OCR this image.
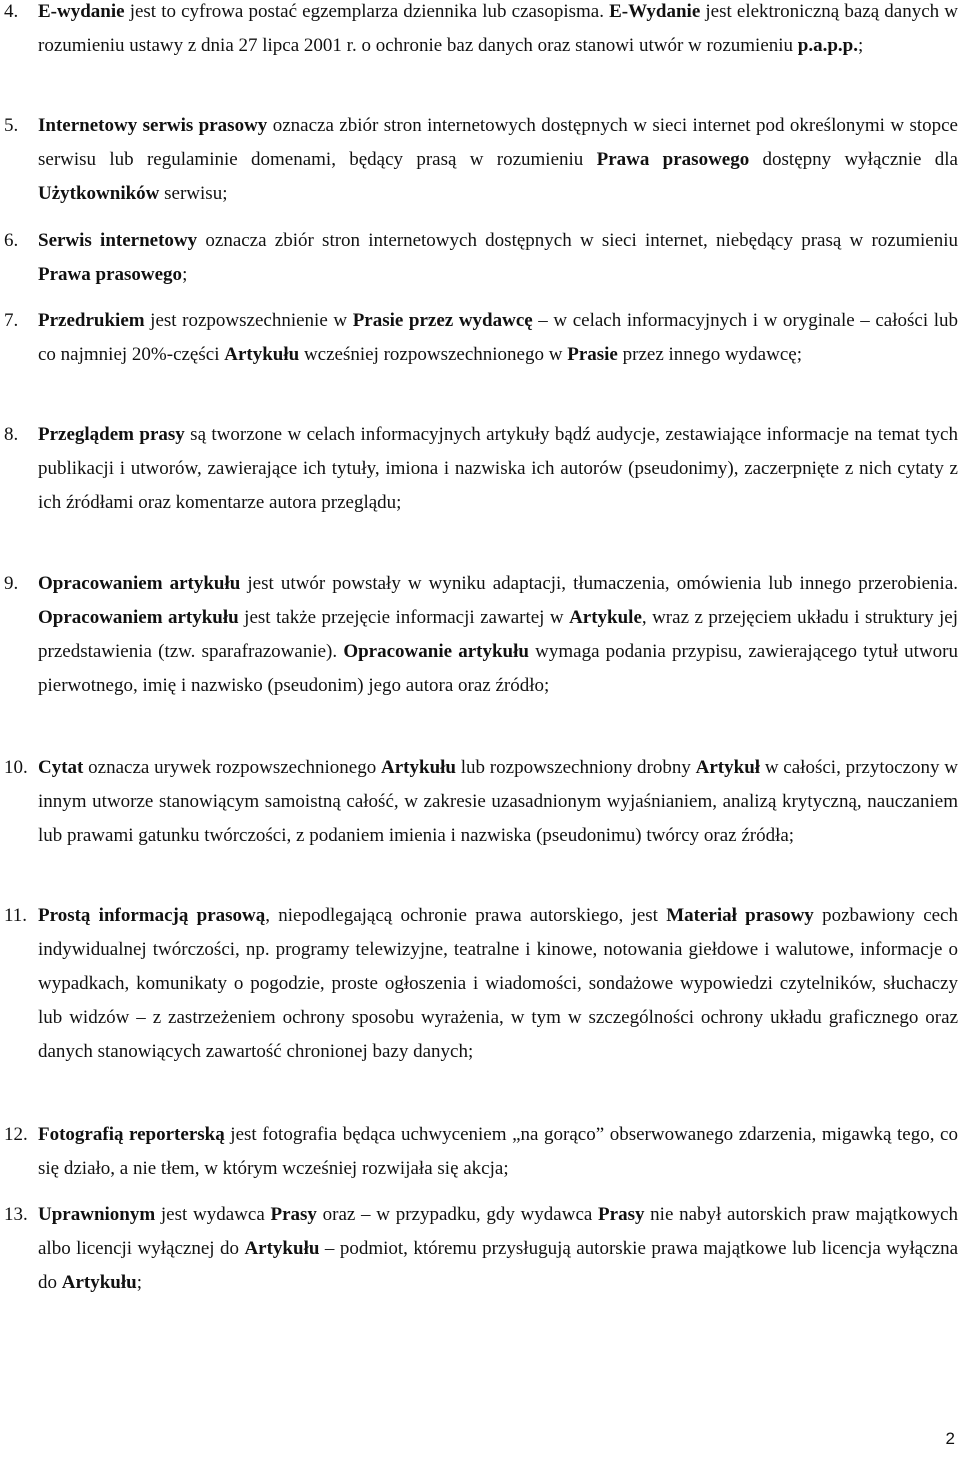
4. E-wydanie jest to cyfrowa postać egzemplarza dziennika lub czasopisma. E-Wydanie jest elektroniczną bazą danych w rozumieniu ustawy z dnia 27 lipca 2001 r. o ochronie baz danych oraz stanowi utwór w rozumieniu p.a.p.p.;
5. Internetowy serwis prasowy oznacza zbiór stron internetowych dostępnych w sieci internet pod określonymi w stopce serwisu lub regulaminie domenami, będący prasą w rozumieniu Prawa prasowego dostępny wyłącznie dla Użytkowników serwisu;
6. Serwis internetowy oznacza zbiór stron internetowych dostępnych w sieci internet, niebędący prasą w rozumieniu Prawa prasowego;
7. Przedrukiem jest rozpowszechnienie w Prasie przez wydawcę – w celach informacyjnych i w oryginale – całości lub co najmniej 20%-części Artykułu wcześniej rozpowszechnionego w Prasie przez innego wydawcę;
8. Przeglądem prasy są tworzone w celach informacyjnych artykuły bądź audycje, zestawiające informacje na temat tych publikacji i utworów, zawierające ich tytuły, imiona i nazwiska ich autorów (pseudonimy), zaczerpnięte z nich cytaty z ich źródłami oraz komentarze autora przeglądu;
9. Opracowaniem artykułu jest utwór powstały w wyniku adaptacji, tłumaczenia, omówienia lub innego przerobienia. Opracowaniem artykułu jest także przejęcie informacji zawartej w Artykule, wraz z przejęciem układu i struktury jej przedstawienia (tzw. sparafrazowanie). Opracowanie artykułu wymaga podania przypisu, zawierającego tytuł utworu pierwotnego, imię i nazwisko (pseudonim) jego autora oraz źródło;
10. Cytat oznacza urywek rozpowszechnionego Artykułu lub rozpowszechniony drobny Artykuł w całości, przytoczony w innym utworze stanowiącym samoistną całość, w zakresie uzasadnionym wyjaśnianiem, analizą krytyczną, nauczaniem lub prawami gatunku twórczości, z podaniem imienia i nazwiska (pseudonimu) twórcy oraz źródła;
11. Prostą informacją prasową, niepodlegającą ochronie prawa autorskiego, jest Materiał prasowy pozbawiony cech indywidualnej twórczości, np. programy telewizyjne, teatralne i kinowe, notowania giełdowe i walutowe, informacje o wypadkach, komunikaty o pogodzie, proste ogłoszenia i wiadomości, sondażowe wypowiedzi czytelników, słuchaczy lub widzów – z zastrzeżeniem ochrony sposobu wyrażenia, w tym w szczególności ochrony układu graficznego oraz danych stanowiących zawartość chronionej bazy danych;
12. Fotografią reporterską jest fotografia będąca uchwyceniem „na gorąco” obserwowanego zdarzenia, migawką tego, co się działo, a nie tłem, w którym wcześniej rozwijała się akcja;
13. Uprawnionym jest wydawca Prasy oraz – w przypadku, gdy wydawca Prasy nie nabył autorskich praw majątkowych albo licencji wyłącznej do Artykułu – podmiot, któremu przysługują autorskie prawa majątkowe lub licencja wyłączna do Artykułu;
2
